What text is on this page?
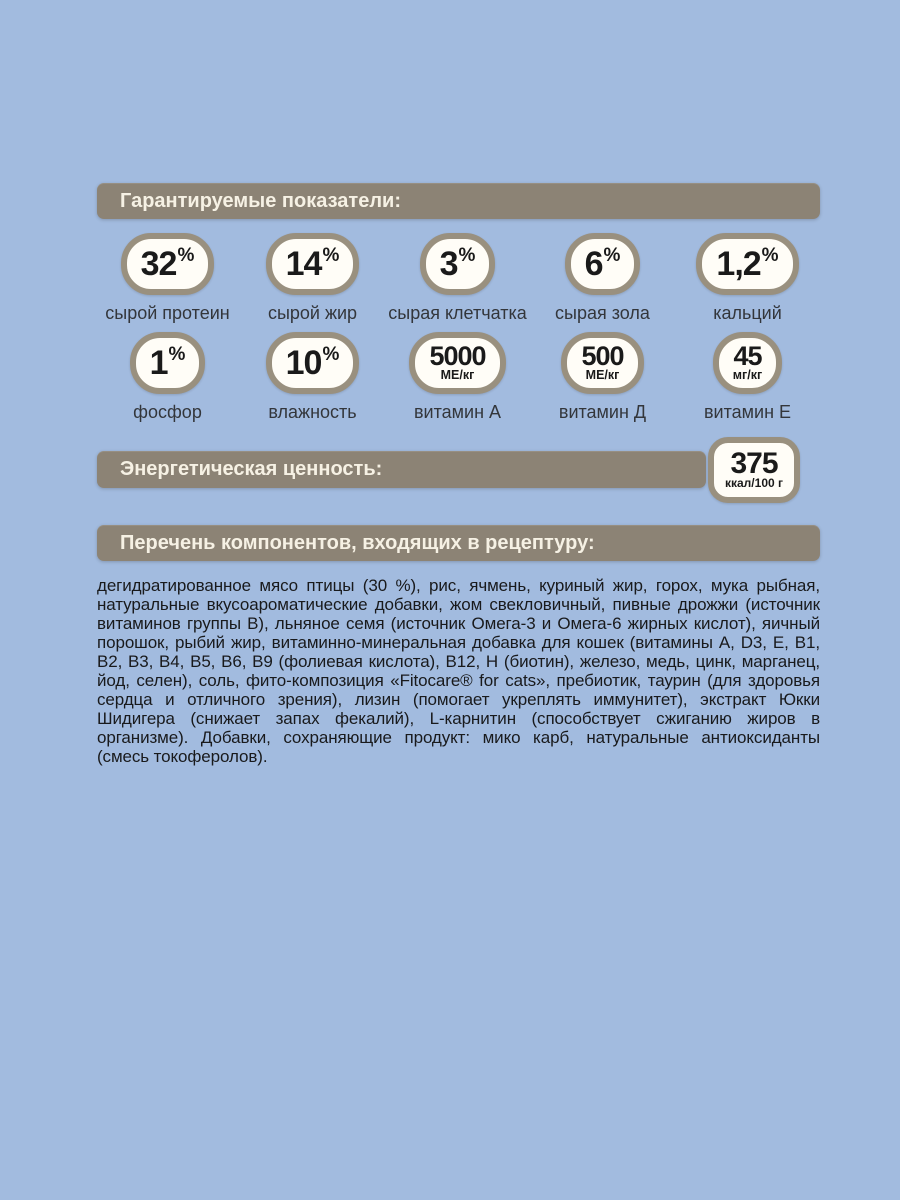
Гарантируемые показатели:
32 %
сырой протеин
14 %
сырой жир
3 %
сырая клетчатка
6 %
сырая зола
1,2 %
кальций
1 %
фосфор
10 %
влажность
5000
МЕ/кг
витамин А
500
МЕ/кг
витамин Д
45
мг/кг
витамин Е
Энергетическая ценность:	375
ккал/100 г
Перечень компонентов, входящих в рецептуру:

дегидратированное мясо птицы (30 %), рис, ячмень, куриный жир, горох, мука рыбная, натуральные вкусоароматические добавки, жом свекловичный, пивные дрожжи (источник витаминов группы В), льняное семя (источник Омега-3 и Омега-6 жирных кислот), яичный порошок, рыбий жир, витаминно-минеральная добавка для кошек (витамины А, D3, Е, В1, В2, В3, В4, В5, В6, В9 (фолиевая кислота), В12, Н (биотин), железо, медь, цинк, марганец, йод, селен), соль, фито-композиция «Fitocare® for cats», пребиотик, таурин (для здоровья сердца и отличного зрения), лизин (помогает укреплять иммунитет), экстракт Юкки Шидигера (снижает запах фекалий), L-карнитин (способствует сжиганию жиров в организме). Добавки, сохраняющие продукт: мико карб, натуральные антиоксиданты (смесь токоферолов).
